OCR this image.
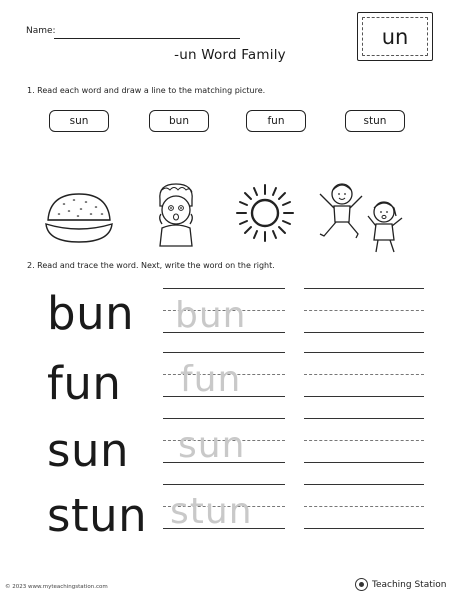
Name:
-un Word Family
un
1. Read each word and draw a line to the matching picture.
sun	bun	fun	stun
2. Read and trace the word. Next, write the word on the right.
bun bun
fun fun
sun sun
stun stun
© 2023 www.myteachingstation.com	Teaching Station
